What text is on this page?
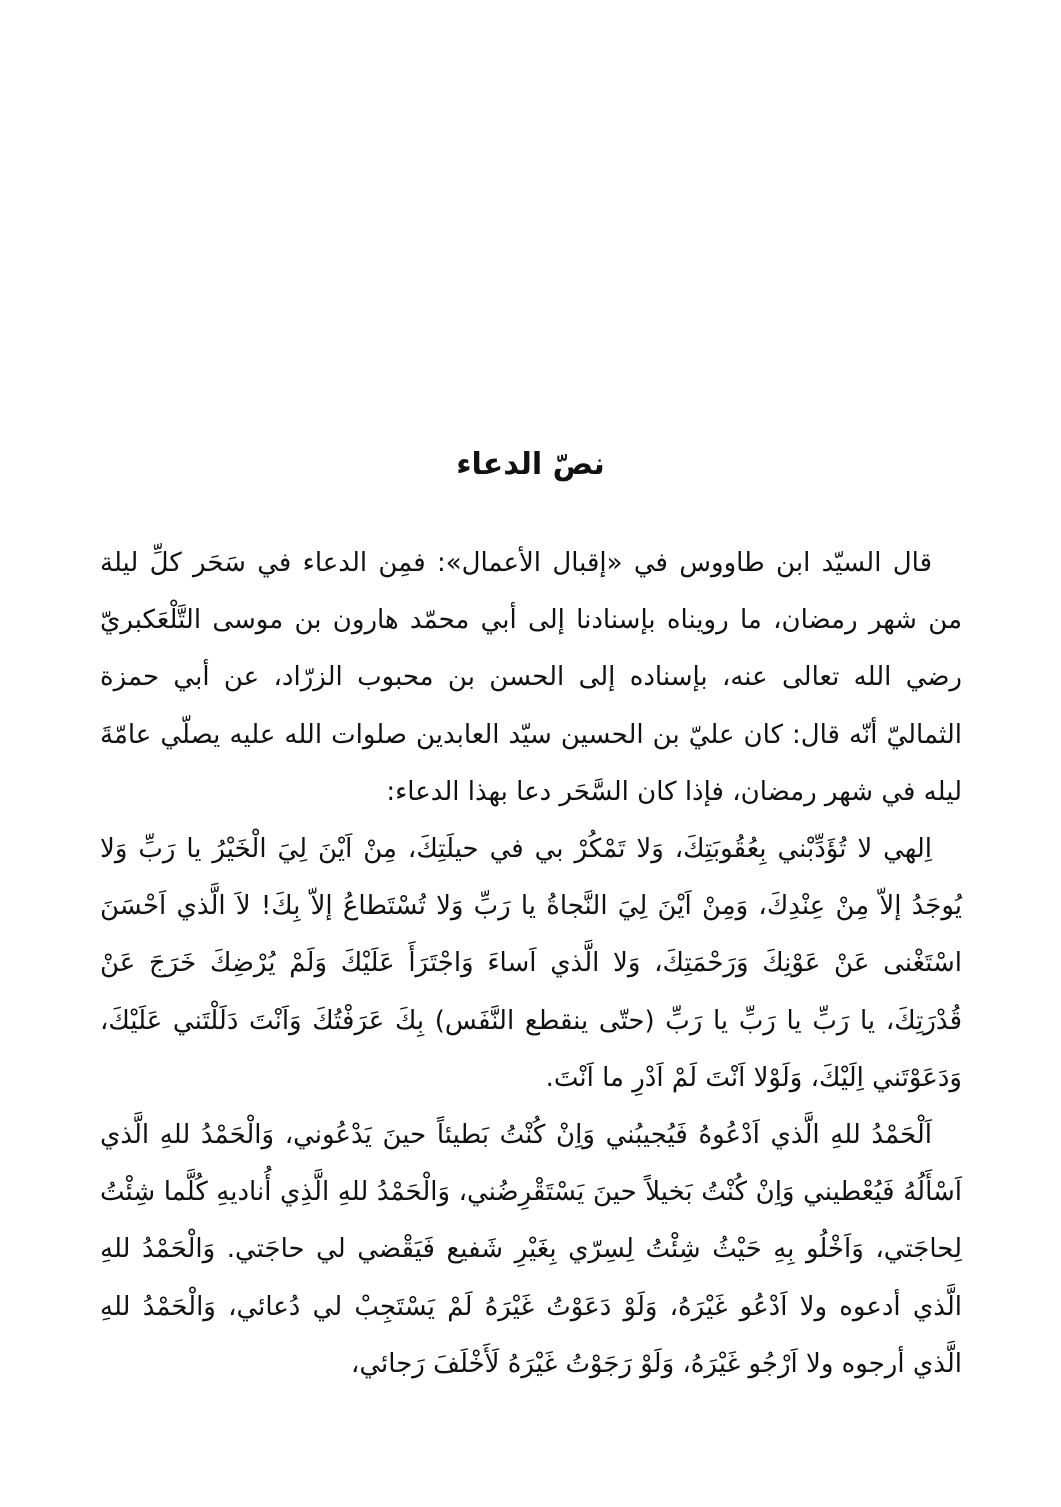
نصّ الدعاء

قال السيّد ابن طاووس في «إقبال الأعمال»: فمِن الدعاء في سَحَر كلِّ ليلة من شهر رمضان، ما رويناه بإسنادنا إلى أبي محمّد هارون بن موسى التَّلْعَكبريّ رضي الله تعالى عنه، بإسناده إلى الحسن بن محبوب الزرّاد، عن أبي حمزة الثماليّ أنّه قال: كان عليّ بن الحسين سيّد العابدين صلوات الله عليه يصلّي عامّةَ ليله في شهر رمضان، فإذا كان السَّحَر دعا بهذا الدعاء:

اِلهي لا تُؤَدِّبْني بِعُقُوبَتِكَ، وَلا تَمْكُرْ بي في حيلَتِكَ، مِنْ اَيْنَ لِيَ الْخَيْرُ يا رَبِّ وَلا يُوجَدُ إلاّ مِنْ عِنْدِكَ، وَمِنْ اَيْنَ لِيَ النَّجاةُ يا رَبِّ وَلا تُسْتَطاعُ إلاّ بِكَ! لاَ الَّذي اَحْسَنَ اسْتَغْنى عَنْ عَوْنِكَ وَرَحْمَتِكَ، وَلا الَّذي اَساءَ وَاجْتَرَأَ عَلَيْكَ وَلَمْ يُرْضِكَ خَرَجَ عَنْ قُدْرَتِكَ، يا رَبِّ يا رَبِّ يا رَبِّ (حتّى ينقطع النَّفَس) بِكَ عَرَفْتُكَ وَاَنْتَ دَلَلْتَني عَلَيْكَ، وَدَعَوْتَني اِلَيْكَ، وَلَوْلا اَنْتَ لَمْ اَدْرِ ما اَنْتَ.

اَلْحَمْدُ للهِ الَّذي اَدْعُوهُ فَيُجيبُني وَاِنْ كُنْتُ بَطيئاً حينَ يَدْعُوني، وَالْحَمْدُ للهِ الَّذي اَسْأَلُهُ فَيُعْطيني وَاِنْ كُنْتُ بَخيلاً حينَ يَسْتَقْرِضُني، وَالْحَمْدُ للهِ الَّذِي أُناديهِ كُلَّما شِئْتُ لِحاجَتي، وَاَخْلُو بِهِ حَيْثُ شِئْتُ لِسِرّي بِغَيْرِ شَفيع فَيَقْضي لي حاجَتي. وَالْحَمْدُ للهِ الَّذي أدعوه ولا اَدْعُو غَيْرَهُ، وَلَوْ دَعَوْتُ غَيْرَهُ لَمْ يَسْتَجِبْ لي دُعائي، وَالْحَمْدُ للهِ الَّذي أرجوه ولا اَرْجُو غَيْرَهُ، وَلَوْ رَجَوْتُ غَيْرَهُ لَأَخْلَفَ رَجائي،
